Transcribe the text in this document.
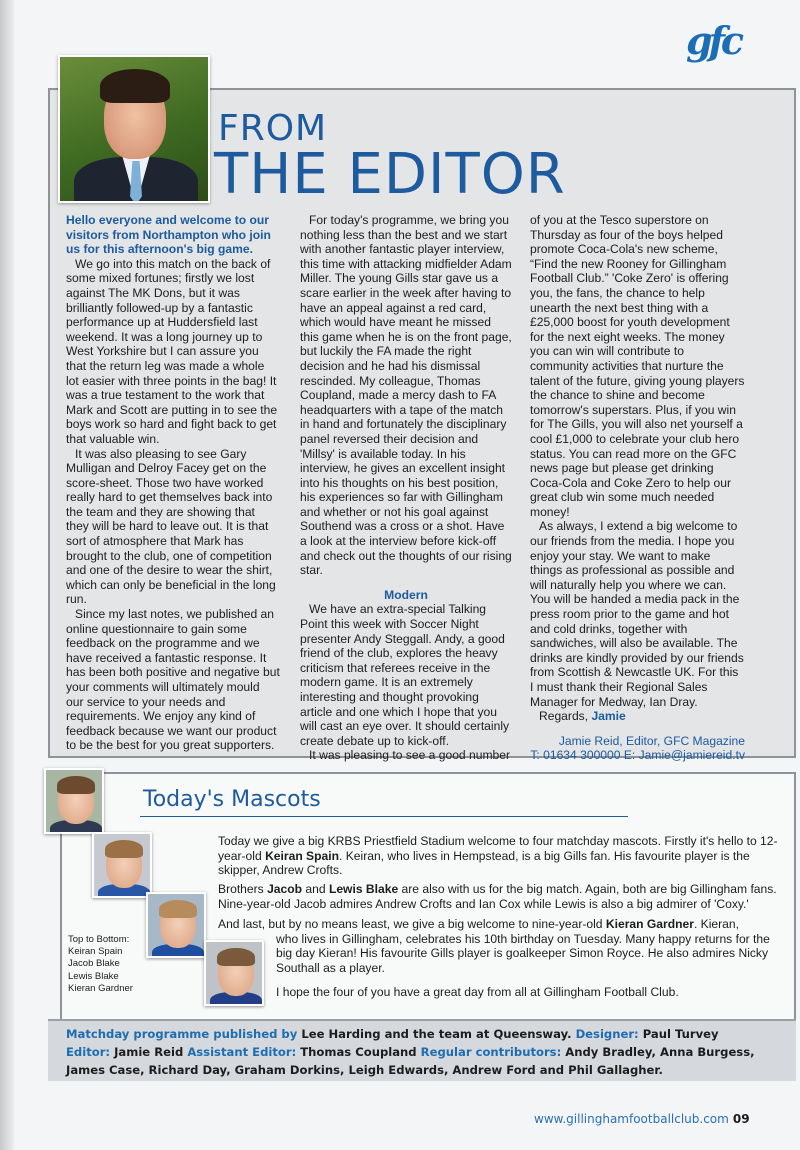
gfc
FROM
THE EDITOR

Hello everyone and welcome to our visitors from Northampton who join us for this afternoon's big game.

We go into this match on the back of some mixed fortunes; firstly we lost against The MK Dons, but it was brilliantly followed-up by a fantastic performance up at Huddersfield last weekend. It was a long journey up to West Yorkshire but I can assure you that the return leg was made a whole lot easier with three points in the bag! It was a true testament to the work that Mark and Scott are putting in to see the boys work so hard and fight back to get that valuable win.

It was also pleasing to see Gary Mulligan and Delroy Facey get on the score-sheet. Those two have worked really hard to get themselves back into the team and they are showing that they will be hard to leave out. It is that sort of atmosphere that Mark has brought to the club, one of competition and one of the desire to wear the shirt, which can only be beneficial in the long run.

Since my last notes, we published an online questionnaire to gain some feedback on the programme and we have received a fantastic response. It has been both positive and negative but your comments will ultimately mould our service to your needs and requirements. We enjoy any kind of feedback because we want our product to be the best for you great supporters.

For today's programme, we bring you nothing less than the best and we start with another fantastic player interview, this time with attacking midfielder Adam Miller. The young Gills star gave us a scare earlier in the week after having to have an appeal against a red card, which would have meant he missed this game when he is on the front page, but luckily the FA made the right decision and he had his dismissal rescinded. My colleague, Thomas Coupland, made a mercy dash to FA headquarters with a tape of the match in hand and fortunately the disciplinary panel reversed their decision and 'Millsy' is available today. In his interview, he gives an excellent insight into his thoughts on his best position, his experiences so far with Gillingham and whether or not his goal against Southend was a cross or a shot. Have a look at the interview before kick-off and check out the thoughts of our rising star.

Modern

We have an extra-special Talking Point this week with Soccer Night presenter Andy Steggall. Andy, a good friend of the club, explores the heavy criticism that referees receive in the modern game. It is an extremely interesting and thought provoking article and one which I hope that you will cast an eye over. It should certainly create debate up to kick-off.

It was pleasing to see a good number

of you at the Tesco superstore on Thursday as four of the boys helped promote Coca-Cola's new scheme, “Find the new Rooney for Gillingham Football Club.” 'Coke Zero' is offering you, the fans, the chance to help unearth the next best thing with a £25,000 boost for youth development for the next eight weeks. The money you can win will contribute to community activities that nurture the talent of the future, giving young players the chance to shine and become tomorrow's superstars. Plus, if you win for The Gills, you will also net yourself a cool £1,000 to celebrate your club hero status. You can read more on the GFC news page but please get drinking Coca-Cola and Coke Zero to help our great club win some much needed money!

As always, I extend a big welcome to our friends from the media. I hope you enjoy your stay. We want to make things as professional as possible and will naturally help you where we can. You will be handed a media pack in the press room prior to the game and hot and cold drinks, together with sandwiches, will also be available. The drinks are kindly provided by our friends from Scottish & Newcastle UK. For this I must thank their Regional Sales Manager for Medway, Ian Dray.

Regards, Jamie

Jamie Reid, Editor, GFC Magazine

T: 01634 300000 E: Jamie@jamiereid.tv

Today's Mascots
Top to Bottom:
Keiran Spain
Jacob Blake
Lewis Blake
Kieran Gardner
Today we give a big KRBS Priestfield Stadium welcome to four matchday mascots. Firstly it's hello to 12-year-old Keiran Spain. Keiran, who lives in Hempstead, is a big Gills fan. His favourite player is the skipper, Andrew Crofts.
Brothers Jacob and Lewis Blake are also with us for the big match. Again, both are big Gillingham fans. Nine-year-old Jacob admires Andrew Crofts and Ian Cox while Lewis is also a big admirer of 'Coxy.'
And last, but by no means least, we give a big welcome to nine-year-old Kieran Gardner. Kieran,
who lives in Gillingham, celebrates his 10th birthday on Tuesday. Many happy returns for the big day Kieran! His favourite Gills player is goalkeeper Simon Royce. He also admires Nicky Southall as a player.
I hope the four of you have a great day from all at Gillingham Football Club.
Matchday programme published by Lee Harding and the team at Queensway. Designer: Paul Turvey
Editor: Jamie Reid Assistant Editor: Thomas Coupland Regular contributors: Andy Bradley, Anna Burgess,
James Case, Richard Day, Graham Dorkins, Leigh Edwards, Andrew Ford and Phil Gallagher.
www.gillinghamfootballclub.com 09
